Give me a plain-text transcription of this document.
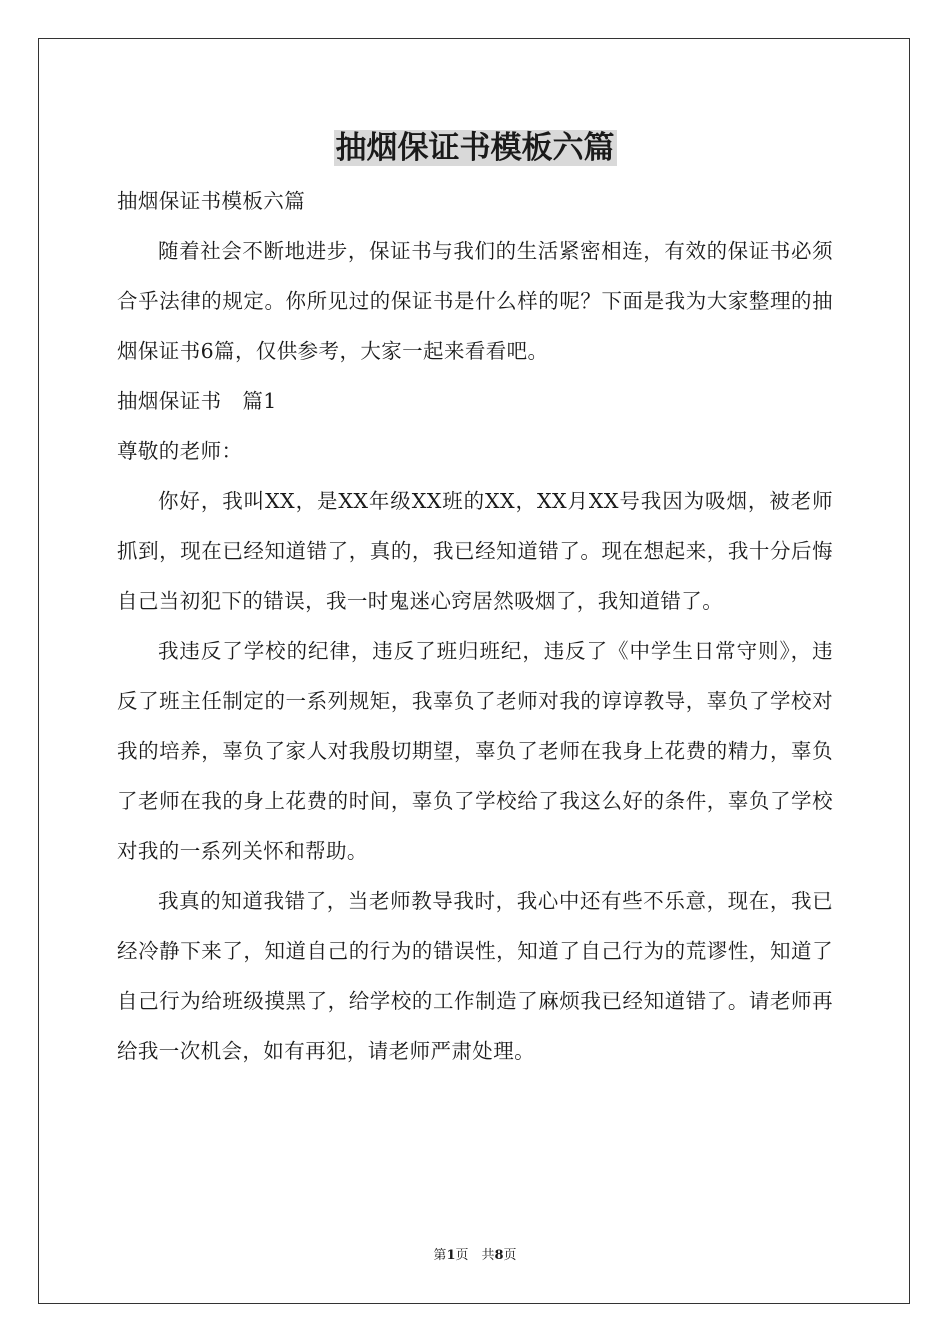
抽烟保证书模板六篇

抽烟保证书模板六篇

随着社会不断地进步，保证书与我们的生活紧密相连，有效的保证书必须合乎法律的规定。你所见过的保证书是什么样的呢？下面是我为大家整理的抽烟保证书6篇，仅供参考，大家一起来看看吧。

抽烟保证书　篇1

尊敬的老师：

你好，我叫XX，是XX年级XX班的XX，XX月XX号我因为吸烟，被老师抓到，现在已经知道错了，真的，我已经知道错了。现在想起来，我十分后悔自己当初犯下的错误，我一时鬼迷心窍居然吸烟了，我知道错了。

我违反了学校的纪律，违反了班归班纪，违反了《中学生日常守则》，违反了班主任制定的一系列规矩，我辜负了老师对我的谆谆教导，辜负了学校对我的培养，辜负了家人对我殷切期望，辜负了老师在我身上花费的精力，辜负了老师在我的身上花费的时间，辜负了学校给了我这么好的条件，辜负了学校对我的一系列关怀和帮助。

我真的知道我错了，当老师教导我时，我心中还有些不乐意，现在，我已经冷静下来了，知道自己的行为的错误性，知道了自己行为的荒谬性，知道了自己行为给班级摸黑了，给学校的工作制造了麻烦我已经知道错了。请老师再给我一次机会，如有再犯，请老师严肃处理。

第1页　共8页
